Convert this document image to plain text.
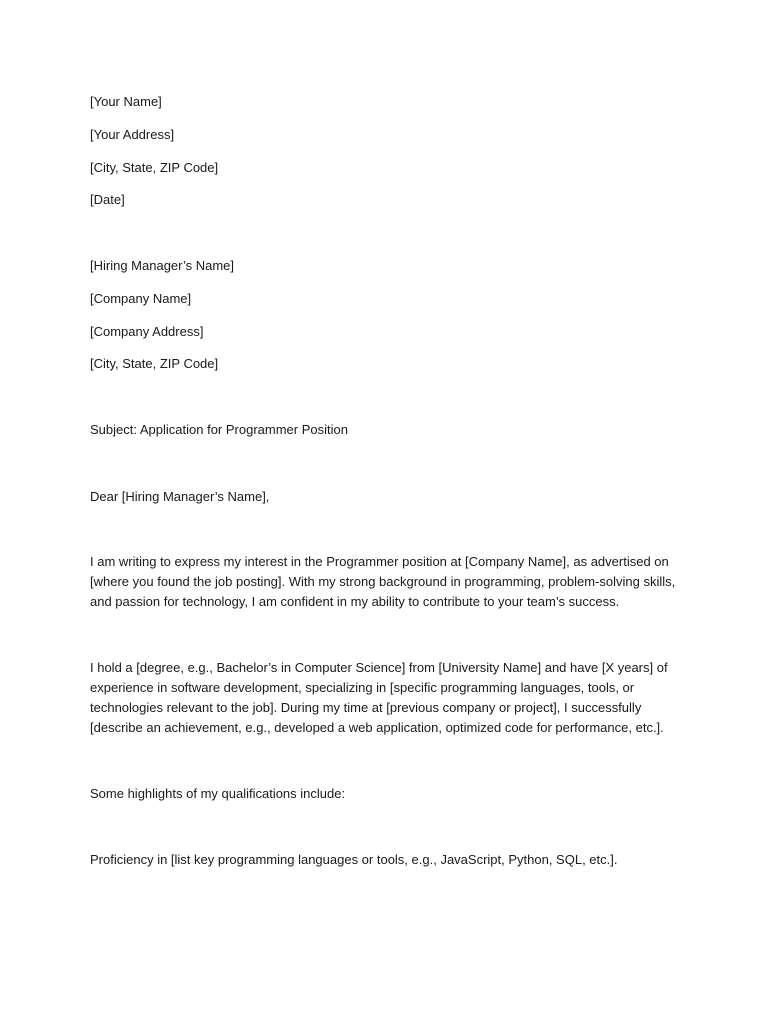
[Your Name]

[Your Address]

[City, State, ZIP Code]

[Date]

[Hiring Manager’s Name]

[Company Name]

[Company Address]

[City, State, ZIP Code]

Subject: Application for Programmer Position

Dear [Hiring Manager’s Name],

I am writing to express my interest in the Programmer position at [Company Name], as advertised on
[where you found the job posting]. With my strong background in programming, problem-solving skills,
and passion for technology, I am confident in my ability to contribute to your team’s success.
I hold a [degree, e.g., Bachelor’s in Computer Science] from [University Name] and have [X years] of
experience in software development, specializing in [specific programming languages, tools, or
technologies relevant to the job]. During my time at [previous company or project], I successfully
[describe an achievement, e.g., developed a web application, optimized code for performance, etc.].

Some highlights of my qualifications include:

Proficiency in [list key programming languages or tools, e.g., JavaScript, Python, SQL, etc.].
